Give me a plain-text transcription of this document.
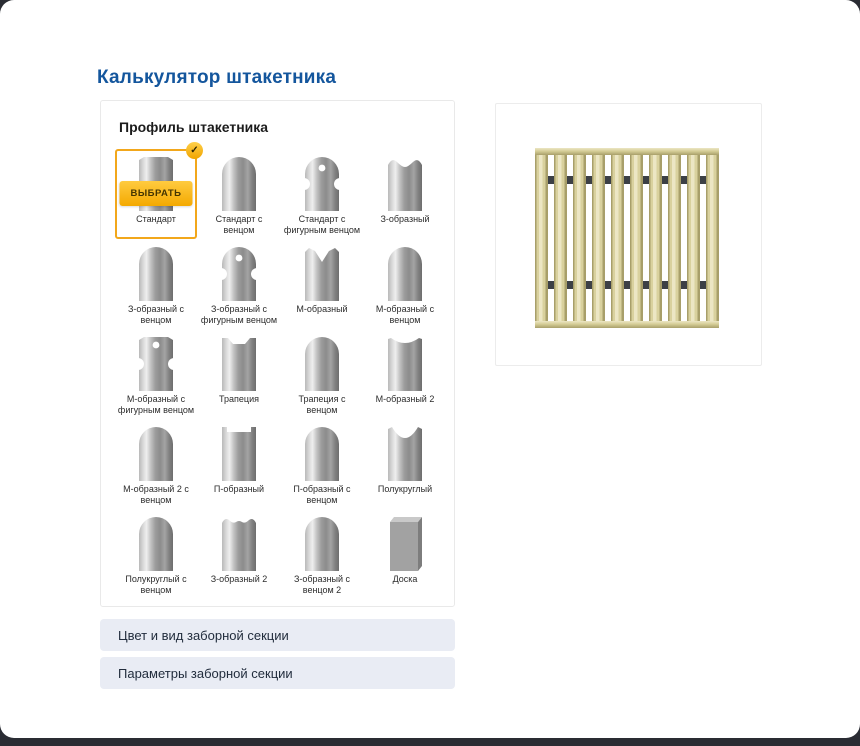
Калькулятор штакетника
Профиль штакетника
✓
ВЫБРАТЬ
Стандарт	Стандарт с венцом
Стандарт с фигурным венцом
З-образный
З-образный с венцом
З-образный с фигурным венцом
М-образный	М-образный с венцом
М-образный с фигурным венцом
Трапеция	Трапеция с венцом
М-образный 2
М-образный 2 с венцом
П-образный	П-образный с венцом
Полукруглый
Полукруглый с венцом
З-образный 2	З-образный с венцом 2
Доска
Цвет и вид заборной секции
Параметры заборной секции
